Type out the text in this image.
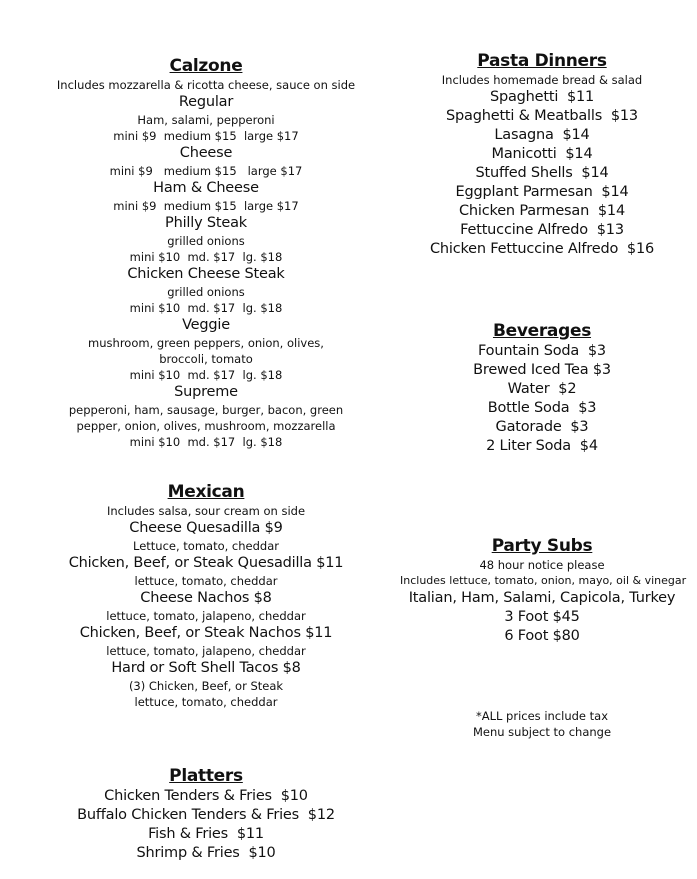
Calzone
Includes mozzarella & ricotta cheese, sauce on side
Regular
Ham, salami, pepperoni
mini $9  medium $15  large $17
Cheese
mini $9   medium $15   large $17
Ham & Cheese
mini $9  medium $15  large $17
Philly Steak
grilled onions
mini $10  md. $17  lg. $18
Chicken Cheese Steak
grilled onions
mini $10  md. $17  lg. $18
Veggie
mushroom, green peppers, onion, olives, broccoli, tomato
mini $10  md. $17  lg. $18
Supreme
pepperoni, ham, sausage, burger, bacon, green pepper, onion, olives, mushroom, mozzarella
mini $10  md. $17  lg. $18
Mexican
Includes salsa, sour cream on side
Cheese Quesadilla $9
Lettuce, tomato, cheddar
Chicken, Beef, or Steak Quesadilla $11
lettuce, tomato, cheddar
Cheese Nachos $8
lettuce, tomato, jalapeno, cheddar
Chicken, Beef, or Steak Nachos $11
lettuce, tomato, jalapeno, cheddar
Hard or Soft Shell Tacos $8
(3) Chicken, Beef, or Steak
lettuce, tomato, cheddar
Platters
Chicken Tenders & Fries  $10
Buffalo Chicken Tenders & Fries  $12
Fish & Fries  $11
Shrimp & Fries  $10
Pasta Dinners
Includes homemade bread & salad
Spaghetti  $11
Spaghetti & Meatballs  $13
Lasagna  $14
Manicotti  $14
Stuffed Shells  $14
Eggplant Parmesan  $14
Chicken Parmesan  $14
Fettuccine Alfredo  $13
Chicken Fettuccine Alfredo  $16
Beverages
Fountain Soda  $3
Brewed Iced Tea $3
Water  $2
Bottle Soda  $3
Gatorade  $3
2 Liter Soda  $4
Party Subs
48 hour notice please
Includes lettuce, tomato, onion, mayo, oil & vinegar
Italian, Ham, Salami, Capicola, Turkey
3 Foot $45
6 Foot $80
*ALL prices include tax
Menu subject to change
